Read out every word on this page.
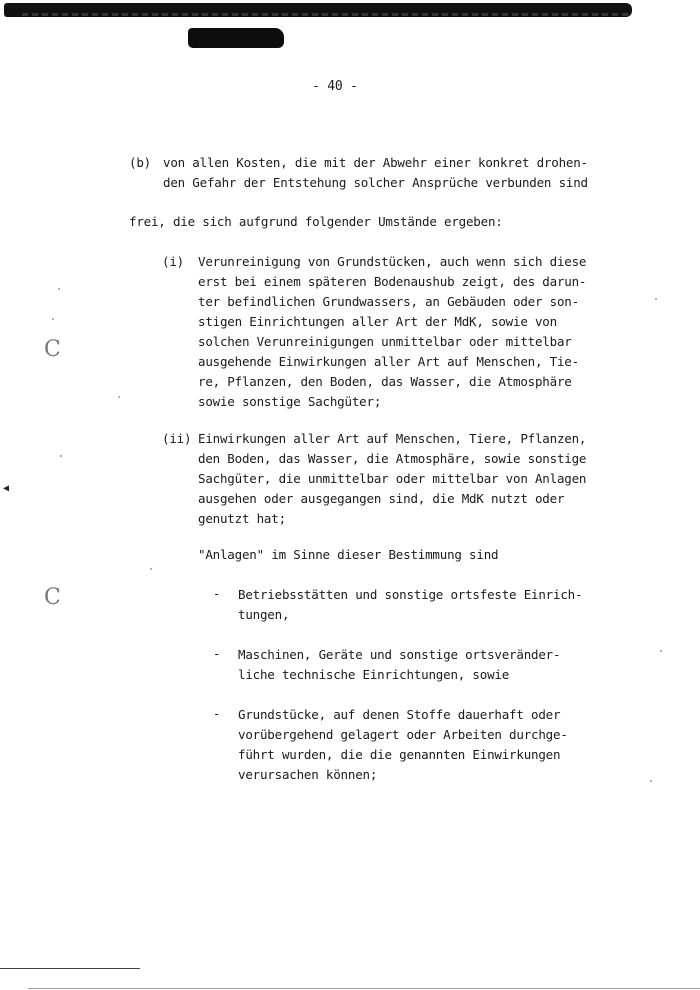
- 40 -
(b) von allen Kosten, die mit der Abwehr einer konkret drohen-
den Gefahr der Entstehung solcher Ansprüche verbunden sind
frei, die sich aufgrund folgender Umstände ergeben:
(i) Verunreinigung von Grundstücken, auch wenn sich diese
erst bei einem späteren Bodenaushub zeigt, des darun-
ter befindlichen Grundwassers, an Gebäuden oder son-
stigen Einrichtungen aller Art der MdK, sowie von
solchen Verunreinigungen unmittelbar oder mittelbar
ausgehende Einwirkungen aller Art auf Menschen, Tie-
re, Pflanzen, den Boden, das Wasser, die Atmosphäre
sowie sonstige Sachgüter;
(ii) Einwirkungen aller Art auf Menschen, Tiere, Pflanzen,
den Boden, das Wasser, die Atmosphäre, sowie sonstige
Sachgüter, die unmittelbar oder mittelbar von Anlagen
ausgehen oder ausgegangen sind, die MdK nutzt oder
genutzt hat;
"Anlagen" im Sinne dieser Bestimmung sind
- Betriebsstätten und sonstige ortsfeste Einrich-
tungen,
- Maschinen, Geräte und sonstige ortsveränder-
liche technische Einrichtungen, sowie
- Grundstücke, auf denen Stoffe dauerhaft oder
vorübergehend gelagert oder Arbeiten durchge-
führt wurden, die die genannten Einwirkungen
verursachen können;
C
C
◀
